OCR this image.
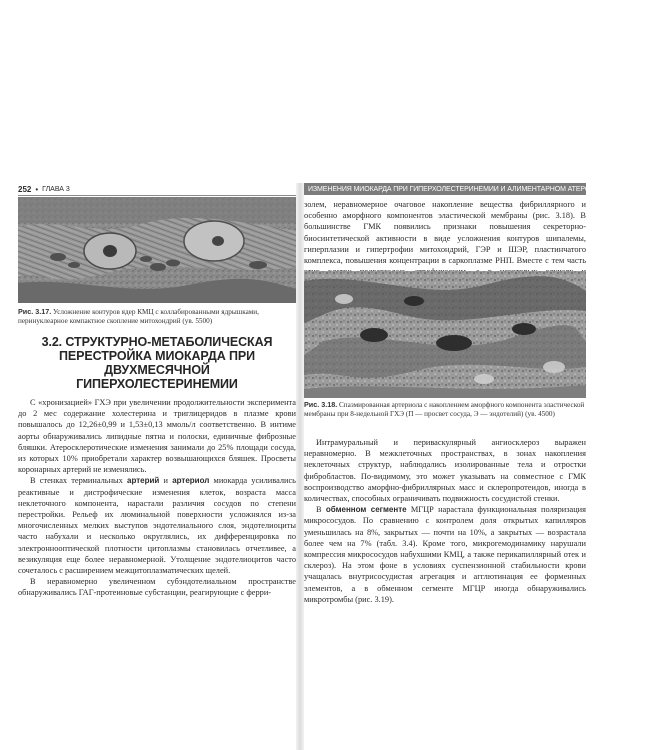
252 • ГЛАВА 3
Рис. 3.17. Усложнение контуров ядер КМЦ с коллабированными ядрышками, перинуклеарное компактное скопление митохондрий (ув. 5500)
3.2. СТРУКТУРНО-МЕТАБОЛИЧЕСКАЯ
ПЕРЕСТРОЙКА МИОКАРДА ПРИ ДВУХМЕСЯЧНОЙ
ГИПЕРХОЛЕСТЕРИНЕМИИ

С «хронизацией» ГХЭ при увеличении продолжительности эксперимента до 2 мес содержание холестерина и триглицеридов в плазме крови повышалось до 12,26±0,99 и 1,53±0,13 ммоль/л соответственно. В интиме аорты обнаруживались липидные пятна и полоски, единичные фиброзные бляшки. Атеросклеротические изменения занимали до 25% площади сосуда, из которых 10% приобретали характер возвышающихся бляшек. Просветы коронарных артерий не изменялись.

В стенках терминальных артерий и артериол миокарда усиливались реактивные и дистрофические изменения клеток, возраста масса неклеточного компонента, нарастали различия сосудов по степени перестройки. Рельеф их люминальной поверхности усложнялся из-за многочисленных мелких выступов эндотелиального слоя, эндотелиоциты часто набухали и несколько округлялись, их дифференцировка по электроннооптической плотности цитоплазмы становилась отчетливее, а везикуляция еще более неравномерной. Утолщение эндотелиоцитов часто сочеталось с расширением межцитоплазматических щелей.

В неравномерно увеличенном субэндотелиальном пространстве обнаруживались ГАГ-протеиновые субстанции, реагирующие с ферри-

ИЗМЕНЕНИЯ МИОКАРДА ПРИ ГИПЕРХОЛЕСТЕРИНЕМИИ И АЛИМЕНТАРНОМ АТЕРОСКЛЕРОЗЕ • 253

золем, неравномерное очаговое накопление вещества фибриллярного и особенно аморфного компонентов эластической мембраны (рис. 3.18). В большинстве ГМК появились признаки повышения секреторно-биосинтетической активности в виде усложнения контуров шипалемы, гиперплазии и гипертрофии митохондрий, ГЭР и ШЭР, пластинчатого комплекса, повышения концентрации в саркоплазме РНП. Вместе с тем часть

Рис. 3.18. Спазмированная артериола с накоплением аморфного компонента эластической мембраны при 8-недельной ГХЭ (П — просвет сосуда, Э — эндотелий) (ув. 4500)

Интрамуральный и периваскулярный ангиосклероз выражен неравномерно. В межклеточных пространствах, в зонах накопления неклеточных структур, наблюдались изолированные тела и отростки фибробластов. По-видимому, это может указывать на совместное с ГМК воспроизводство аморфно-фибриллярных масс и склеропротеидов, иногда в количествах, способных ограничивать подвижность сосудистой стенки.

В обменном сегменте МГЦР нарастала функциональная поляризация микрососудов. По сравнению с контролем доля открытых капилляров уменьшилась на 8%, закрытых — почти на 10%, а закрытых — возрастала более чем на 7% (табл. 3.4). Кроме того, микрогемодинамику нарушали компрессия микрососудов набухшими КМЦ, а также перикапиллярный отек и склероз). На этом фоне в условиях суспензионной стабильности крови учащалась внутрисосудистая агрегация и агглютинация ее форменных элементов, а в обменном сегменте МГЦР иногда обнаруживались микротромбы (рис. 3.19).
